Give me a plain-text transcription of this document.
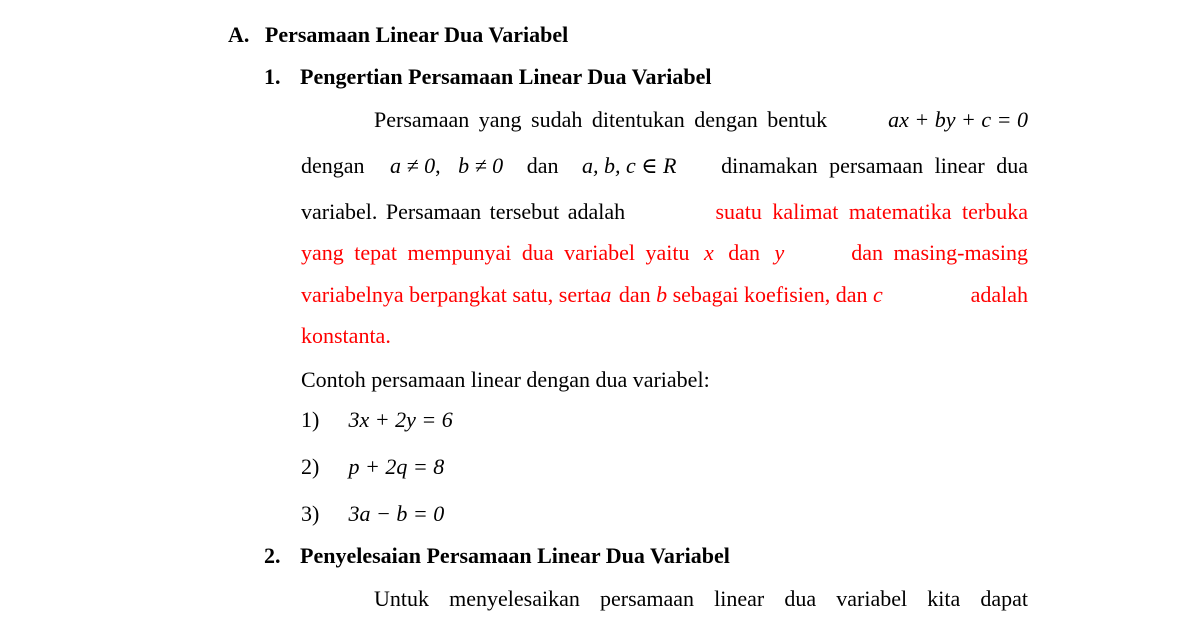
A. Persamaan Linear Dua Variabel
1. Pengertian Persamaan Linear Dua Variabel
Persamaan yang sudah ditentukan dengan bentuk	ax + by + c = 0
dengan a ≠ 0, b ≠ 0 dan a, b, c ∈ R dinamakan persamaan linear dua
variabel. Persamaan tersebut adalah	suatu kalimat matematika terbuka
yang tepat mempunyai dua variabel yaitu x dan y	dan masing-masing
variabelnya berpangkat satu, sertaa dan b sebagai koefisien, dan c	adalah
konstanta.
Contoh persamaan linear dengan dua variabel:
1) 3x + 2y = 6
2) p + 2q = 8
3) 3a − b = 0
2. Penyelesaian Persamaan Linear Dua Variabel
Untuk menyelesaikan persamaan linear dua variabel kita dapat
